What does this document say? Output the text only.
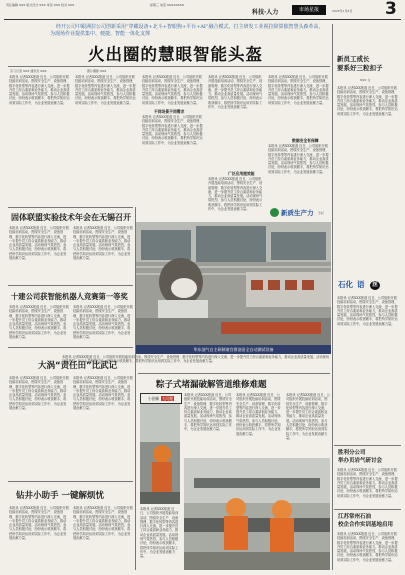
责任编辑 XXX 版式设计 XXX 审读 XXX 校对 XXX	星期三 电话 XXXXXXXX
科技·人力	市场星报	2025年1月8日 3
经开公司中跟洲拉公司创新采用“穿藏设备+北斗+智眼狗+平台+AI”融合模式，打主研发工业视拉降算独智慧头森革高，为现场作业提供集中、便捷、智能一体化支撑
火出圈的慧眼智能头盔
见习记者 XXX 通讯员 XXX	图片摄影 XXX
本报讯 记者XXX报道 近日，公司组织开展技能培训活动，围绕安全生产、设备管理、数字化转型等内容进行深入交流，进一步提升员工综合素质和业务能力，推动企业高质量发展。活动现场气氛热烈，参与人员积极讨论，纷纷表示收获颇丰，将把所学知识运用到实际工作中，为企业发展贡献力量。
本报讯 记者XXX报道 近日，公司组织开展技能培训活动，围绕安全生产、设备管理、数字化转型等内容进行深入交流，进一步提升员工综合素质和业务能力，推动企业高质量发展。活动现场气氛热烈，参与人员积极讨论，纷纷表示收获颇丰，将把所学知识运用到实际工作中，为企业发展贡献力量。
本报讯 记者XXX报道 近日，公司组织开展技能培训活动，围绕安全生产、设备管理、数字化转型等内容进行深入交流，进一步提升员工综合素质和业务能力，推动企业高质量发展。活动现场气氛热烈，参与人员积极讨论，纷纷表示收获颇丰，将把所学知识运用到实际工作中，为企业发展贡献力量。
不同场景不同需求
本报讯 记者XXX报道 近日，公司组织开展技能培训活动，围绕安全生产、设备管理、数字化转型等内容进行深入交流，进一步提升员工综合素质和业务能力，推动企业高质量发展。活动现场气氛热烈，参与人员积极讨论，纷纷表示收获颇丰，将把所学知识运用到实际工作中，为企业发展贡献力量。
本报讯 记者XXX报道 近日，公司组织开展技能培训活动，围绕安全生产、设备管理、数字化转型等内容进行深入交流，进一步提升员工综合素质和业务能力，推动企业高质量发展。活动现场气氛热烈，参与人员积极讨论，纷纷表示收获颇丰，将把所学知识运用到实际工作中，为企业发展贡献力量。
本报讯 记者XXX报道 近日，公司组织开展技能培训活动，围绕安全生产、设备管理、数字化转型等内容进行深入交流，进一步提升员工综合素质和业务能力，推动企业高质量发展。活动现场气氛热烈，参与人员积极讨论，纷纷表示收获颇丰，将把所学知识运用到实际工作中，为企业发展贡献力量。
数据安全有保障
本报讯 记者XXX报道 近日，公司组织开展技能培训活动，围绕安全生产、设备管理、数字化转型等内容进行深入交流，进一步提升员工综合素质和业务能力，推动企业高质量发展。活动现场气氛热烈，参与人员积极讨论，纷纷表示收获颇丰，将把所学知识运用到实际工作中，为企业发展贡献力量。
广泛应用提效能
本报讯 记者XXX报道 近日，公司组织开展技能培训活动，围绕安全生产、设备管理、数字化转型等内容进行深入交流，进一步提升员工综合素质和业务能力，推动企业高质量发展。活动现场气氛热烈，参与人员积极讨论，纷纷表示收获颇丰，将把所学知识运用到实际工作中，为企业发展贡献力量。	新质生产力 专栏
华东油气自主研制诸宫群油田全自动测试设备
本报讯 记者XXX报道 近日，公司组织开展技能培训活动，围绕安全生产、设备管理、数字化转型等内容进行深入交流，进一步提升员工综合素质和业务能力，推动企业高质量发展。活动现场气氛热烈，参与人员积极讨论，纷纷表示收获颇丰，将把所学知识运用到实际工作中，为企业发展贡献力量。
固体联盟实验技术年会在无锡召开
本报讯 记者XXX报道 近日，公司组织开展技能培训活动，围绕安全生产、设备管理、数字化转型等内容进行深入交流，进一步提升员工综合素质和业务能力，推动企业高质量发展。活动现场气氛热烈，参与人员积极讨论，纷纷表示收获颇丰，将把所学知识运用到实际工作中，为企业发展贡献力量。
本报讯 记者XXX报道 近日，公司组织开展技能培训活动，围绕安全生产、设备管理、数字化转型等内容进行深入交流，进一步提升员工综合素质和业务能力，推动企业高质量发展。活动现场气氛热烈，参与人员积极讨论，纷纷表示收获颇丰，将把所学知识运用到实际工作中，为企业发展贡献力量。
十建公司获智能机器人竞赛第一等奖
本报讯 记者XXX报道 近日，公司组织开展技能培训活动，围绕安全生产、设备管理、数字化转型等内容进行深入交流，进一步提升员工综合素质和业务能力，推动企业高质量发展。活动现场气氛热烈，参与人员积极讨论，纷纷表示收获颇丰，将把所学知识运用到实际工作中，为企业发展贡献力量。
本报讯 记者XXX报道 近日，公司组织开展技能培训活动，围绕安全生产、设备管理、数字化转型等内容进行深入交流，进一步提升员工综合素质和业务能力，推动企业高质量发展。活动现场气氛热烈，参与人员积极讨论，纷纷表示收获颇丰，将把所学知识运用到实际工作中，为企业发展贡献力量。
大涡“责任田”比武记
本报讯 记者XXX报道 近日，公司组织开展技能培训活动，围绕安全生产、设备管理、数字化转型等内容进行深入交流，进一步提升员工综合素质和业务能力，推动企业高质量发展。活动现场气氛热烈，参与人员积极讨论，纷纷表示收获颇丰，将把所学知识运用到实际工作中，为企业发展贡献力量。
本报讯 记者XXX报道 近日，公司组织开展技能培训活动，围绕安全生产、设备管理、数字化转型等内容进行深入交流，进一步提升员工综合素质和业务能力，推动企业高质量发展。活动现场气氛热烈，参与人员积极讨论，纷纷表示收获颇丰，将把所学知识运用到实际工作中，为企业发展贡献力量。
钻井小助手 一键解烦忧
本报讯 记者XXX报道 近日，公司组织开展技能培训活动，围绕安全生产、设备管理、数字化转型等内容进行深入交流，进一步提升员工综合素质和业务能力，推动企业高质量发展。活动现场气氛热烈，参与人员积极讨论，纷纷表示收获颇丰，将把所学知识运用到实际工作中，为企业发展贡献力量。
本报讯 记者XXX报道 近日，公司组织开展技能培训活动，围绕安全生产、设备管理、数字化转型等内容进行深入交流，进一步提升员工综合素质和业务能力，推动企业高质量发展。活动现场气氛热烈，参与人员积极讨论，纷纷表示收获颇丰，将把所学知识运用到实际工作中，为企业发展贡献力量。
粽子式堵漏破解管道维修难题
小创新 大问题
本报讯 记者XXX报道 近日，公司组织开展技能培训活动，围绕安全生产、设备管理、数字化转型等内容进行深入交流，进一步提升员工综合素质和业务能力，推动企业高质量发展。活动现场气氛热烈，参与人员积极讨论，纷纷表示收获颇丰，将把所学知识运用到实际工作中，为企业发展贡献力量。
本报讯 记者XXX报道 近日，公司组织开展技能培训活动，围绕安全生产、设备管理、数字化转型等内容进行深入交流，进一步提升员工综合素质和业务能力，推动企业高质量发展。活动现场气氛热烈，参与人员积极讨论，纷纷表示收获颇丰，将把所学知识运用到实际工作中，为企业发展贡献力量。
本报讯 记者XXX报道 近日，公司组织开展技能培训活动，围绕安全生产、设备管理、数字化转型等内容进行深入交流，进一步提升员工综合素质和业务能力，推动企业高质量发展。活动现场气氛热烈，参与人员积极讨论，纷纷表示收获颇丰，将把所学知识运用到实际工作中，为企业发展贡献力量。
本报讯 记者XXX报道 近日，公司组织开展技能培训活动，围绕安全生产、设备管理、数字化转型等内容进行深入交流，进一步提升员工综合素质和业务能力，推动企业高质量发展。活动现场气氛热烈，参与人员积极讨论，纷纷表示收获颇丰，将把所学知识运用到实际工作中，为企业发展贡献力量。
新员工戒长
要系好三粒扣子
XXX 文
本报讯 记者XXX报道 近日，公司组织开展技能培训活动，围绕安全生产、设备管理、数字化转型等内容进行深入交流，进一步提升员工综合素质和业务能力，推动企业高质量发展。活动现场气氛热烈，参与人员积极讨论，纷纷表示收获颇丰，将把所学知识运用到实际工作中，为企业发展贡献力量。
石化 语	丝
本报讯 记者XXX报道 近日，公司组织开展技能培训活动，围绕安全生产、设备管理、数字化转型等内容进行深入交流，进一步提升员工综合素质和业务能力，推动企业高质量发展。活动现场气氛热烈，参与人员积极讨论，纷纷表示收获颇丰，将把所学知识运用到实际工作中，为企业发展贡献力量。
胜利分公司
举办页岩气研讨会
本报讯 记者XXX报道 近日，公司组织开展技能培训活动，围绕安全生产、设备管理、数字化转型等内容进行深入交流，进一步提升员工综合素质和业务能力，推动企业高质量发展。活动现场气氛热烈，参与人员积极讨论，纷纷表示收获颇丰，将把所学知识运用到实际工作中，为企业发展贡献力量。
江苏常州石油
校企合作实训基地启用
本报讯 记者XXX报道 近日，公司组织开展技能培训活动，围绕安全生产、设备管理、数字化转型等内容进行深入交流，进一步提升员工综合素质和业务能力，推动企业高质量发展。活动现场气氛热烈，参与人员积极讨论，纷纷表示收获颇丰，将把所学知识运用到实际工作中，为企业发展贡献力量。
